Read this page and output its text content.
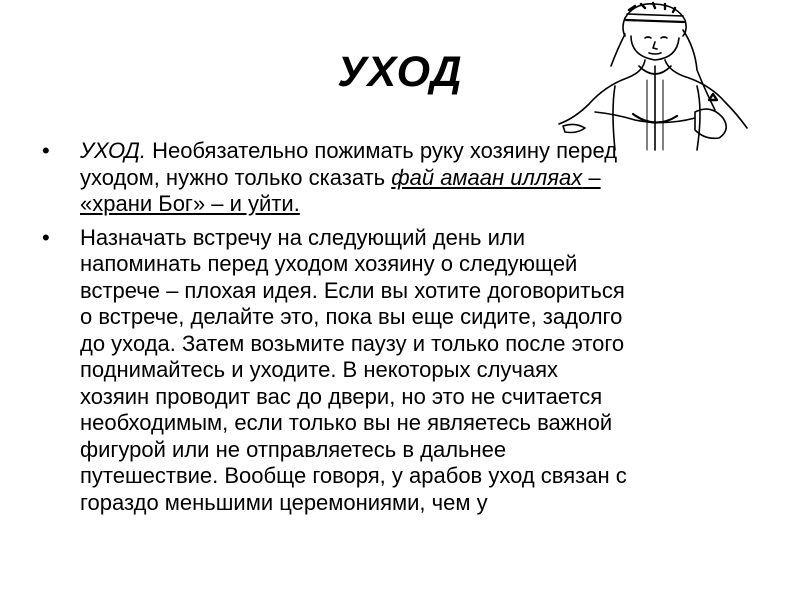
УХОД
• УХОД. Необязательно пожимать руку хозяину перед уходом, нужно только сказать фай амаан илляах – «храни Бог» – и уйти.
• Назначать встречу на следующий день или напоминать перед уходом хозяину о следующей встрече – плохая идея. Если вы хотите договориться о встрече, делайте это, пока вы еще сидите, задолго до ухода. Затем возьмите паузу и только после этого поднимайтесь и уходите. В некоторых случаях хозяин проводит вас до двери, но это не считается необходимым, если только вы не являетесь важной фигурой или не отправляетесь в дальнее путешествие. Вообще говоря, у арабов уход связан с гораздо меньшими церемониями, чем у
